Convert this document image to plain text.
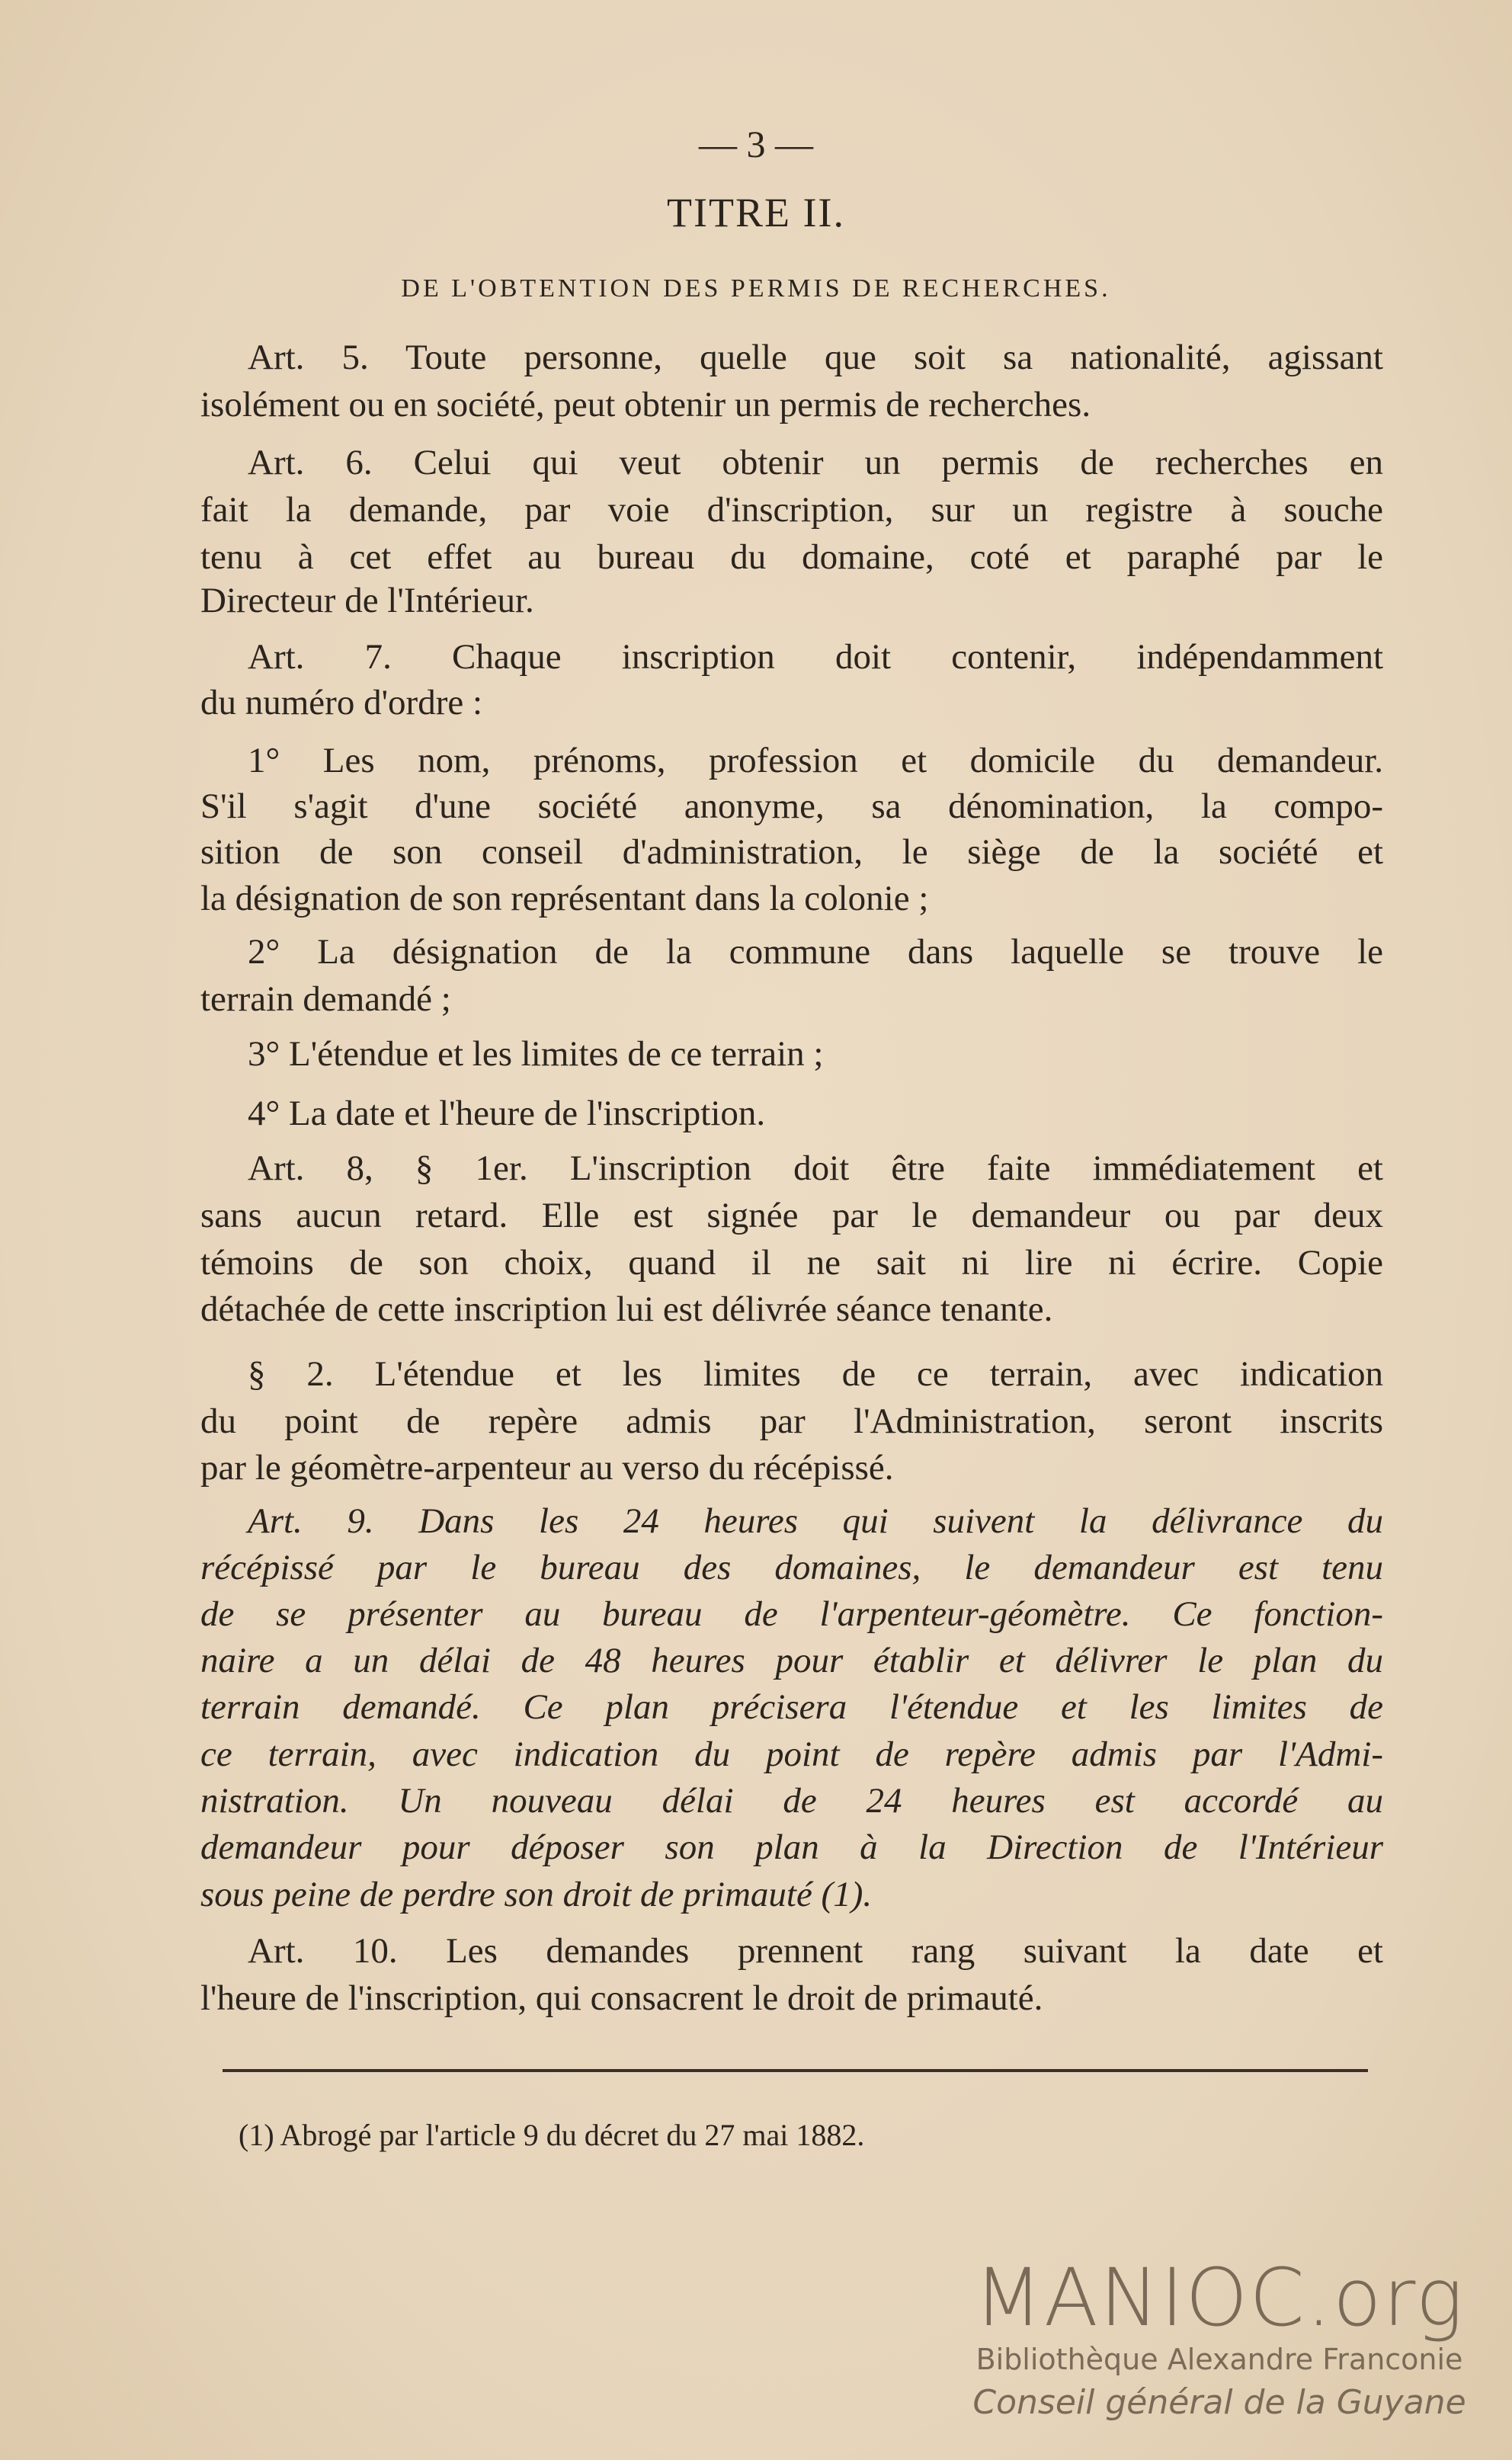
— 3 —
TITRE II.
DE L'OBTENTION DES PERMIS DE RECHERCHES.
Art. 5. Toute personne, quelle que soit sa nationalité, agissant
isolément ou en société, peut obtenir un permis de recherches.
Art. 6. Celui qui veut obtenir un permis de recherches en
fait la demande, par voie d'inscription, sur un registre à souche
tenu à cet effet au bureau du domaine, coté et paraphé par le
Directeur de l'Intérieur.
Art. 7. Chaque inscription doit contenir, indépendamment
du numéro d'ordre :
1° Les nom, prénoms, profession et domicile du demandeur.
S'il s'agit d'une société anonyme, sa dénomination, la compo-
sition de son conseil d'administration, le siège de la société et
la désignation de son représentant dans la colonie ;
2° La désignation de la commune dans laquelle se trouve le
terrain demandé ;
3° L'étendue et les limites de ce terrain ;
4° La date et l'heure de l'inscription.
Art. 8, § 1er. L'inscription doit être faite immédiatement et
sans aucun retard. Elle est signée par le demandeur ou par deux
témoins de son choix, quand il ne sait ni lire ni écrire. Copie
détachée de cette inscription lui est délivrée séance tenante.
§ 2. L'étendue et les limites de ce terrain, avec indication
du point de repère admis par l'Administration, seront inscrits
par le géomètre-arpenteur au verso du récépissé.
Art. 9. Dans les 24 heures qui suivent la délivrance du
récépissé par le bureau des domaines, le demandeur est tenu
de se présenter au bureau de l'arpenteur-géomètre. Ce fonction-
naire a un délai de 48 heures pour établir et délivrer le plan du
terrain demandé. Ce plan précisera l'étendue et les limites de
ce terrain, avec indication du point de repère admis par l'Admi-
nistration. Un nouveau délai de 24 heures est accordé au
demandeur pour déposer son plan à la Direction de l'Intérieur
sous peine de perdre son droit de primauté (1).
Art. 10. Les demandes prennent rang suivant la date et
l'heure de l'inscription, qui consacrent le droit de primauté.
(1) Abrogé par l'article 9 du décret du 27 mai 1882.
MANIOC.org
Bibliothèque Alexandre Franconie
Conseil général de la Guyane
